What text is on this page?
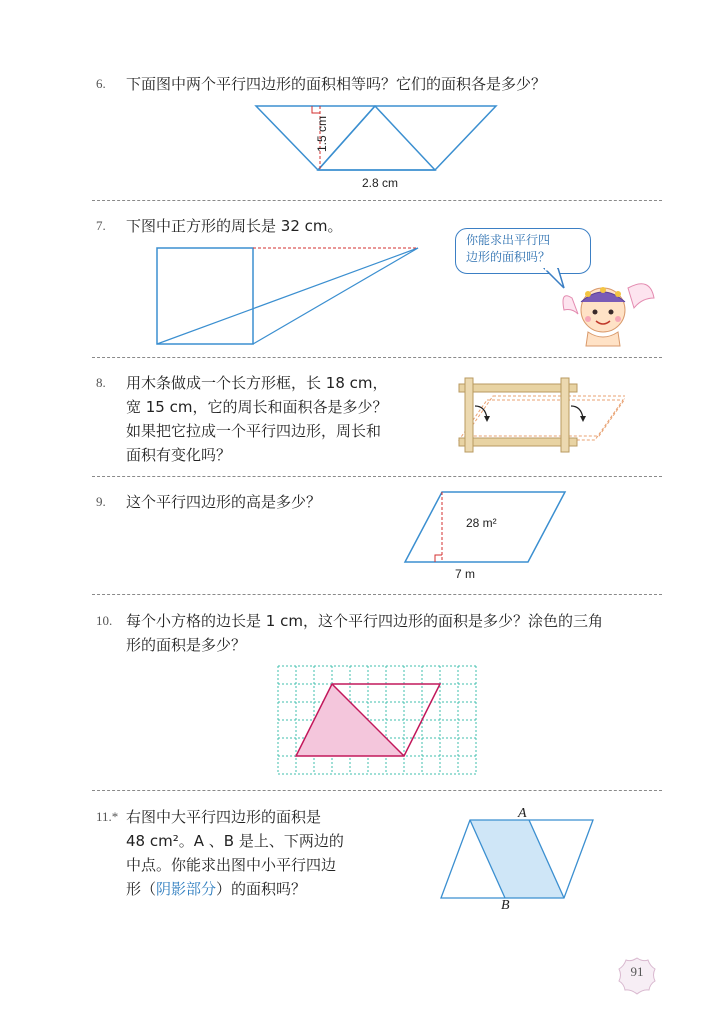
6. 下面图中两个平行四边形的面积相等吗？它们的面积各是多少？
1.5 cm
2.8 cm
7. 下图中正方形的周长是 32 cm。
你能求出平行四
边形的面积吗？
8. 用木条做成一个长方形框，长 18 cm，
宽 15 cm，它的周长和面积各是多少？
如果把它拉成一个平行四边形，周长和
面积有变化吗？
9. 这个平行四边形的高是多少？
28 m²
7 m
10. 每个小方格的边长是 1 cm，这个平行四边形的面积是多少？涂色的三角
形的面积是多少？
11.* 右图中大平行四边形的面积是
48 cm²。A 、B 是上、下两边的
中点。你能求出图中小平行四边
形（阴影部分）的面积吗？
A
B
91
